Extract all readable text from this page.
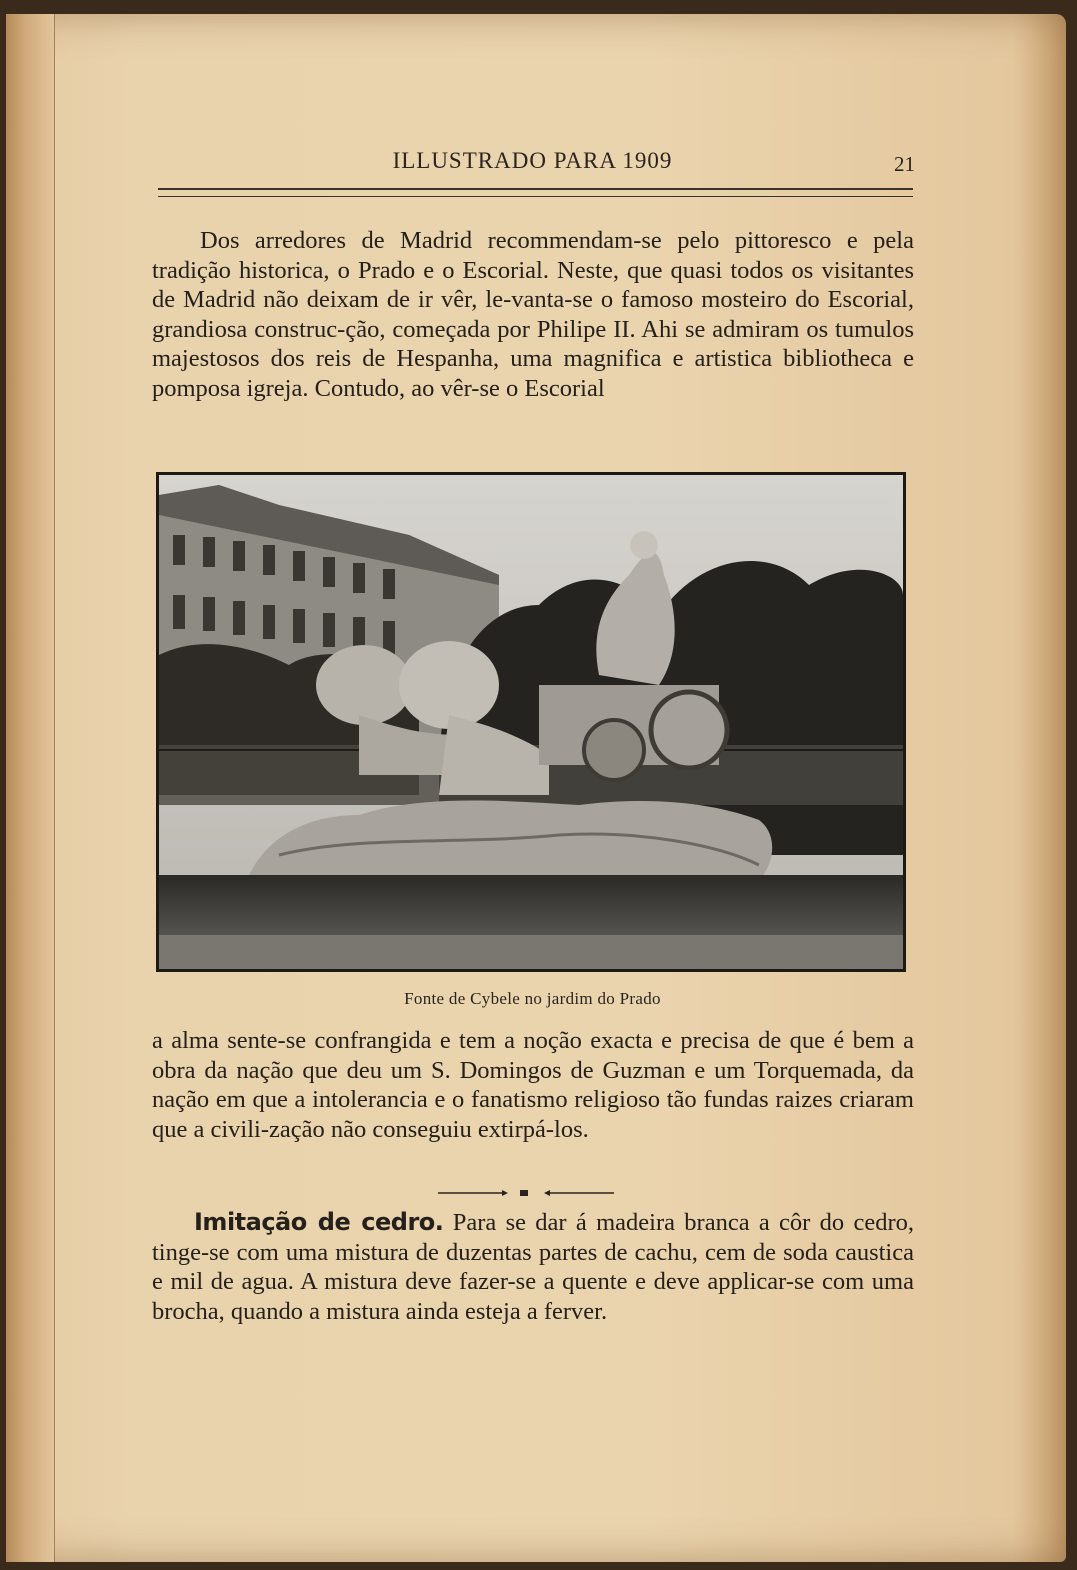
ILLUSTRADO PARA 1909	21

Dos arredores de Madrid recommendam-se pelo pittoresco e pela tradição historica, o Prado e o Escorial. Neste, que quasi todos os visitantes de Madrid não deixam de ir vêr, le-vanta-se o famoso mosteiro do Escorial, grandiosa construc-ção, começada por Philipe II. Ahi se admiram os tumulos majestosos dos reis de Hespanha, uma magnifica e artistica bibliotheca e pomposa igreja. Contudo, ao vêr-se o Escorial

Fonte de Cybele no jardim do Prado

a alma sente-se confrangida e tem a noção exacta e precisa de que é bem a obra da nação que deu um S. Domingos de Guzman e um Torquemada, da nação em que a intolerancia e o fanatismo religioso tão fundas raizes criaram que a civili-zação não conseguiu extirpá-los.

Imitação de cedro. Para se dar á madeira branca a côr do cedro, tinge-se com uma mistura de duzentas partes de cachu, cem de soda caustica e mil de agua. A mistura deve fazer-se a quente e deve applicar-se com uma brocha, quando a mistura ainda esteja a ferver.
